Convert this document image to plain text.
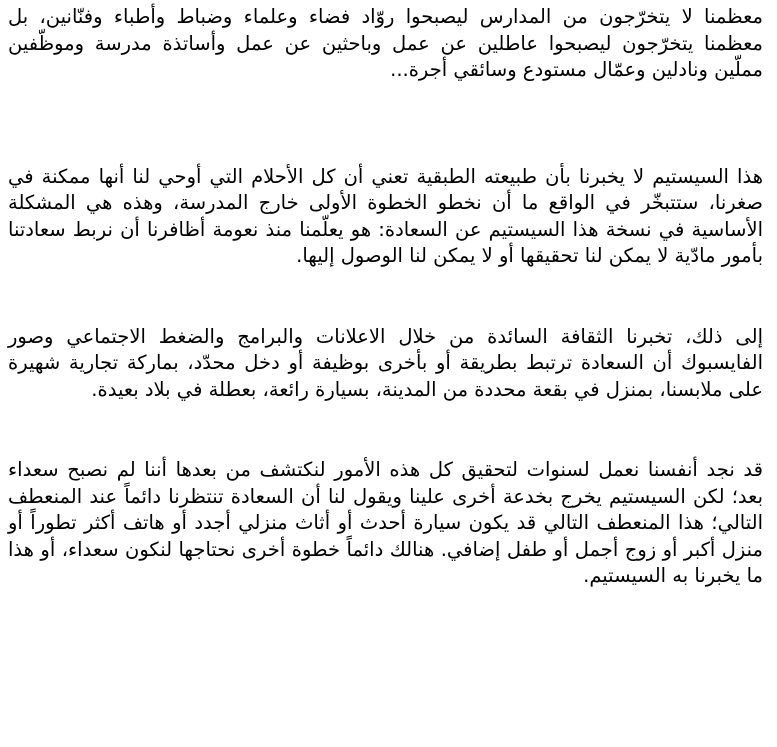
معظمنا لا يتخرّجون من المدارس ليصبحوا روّاد فضاء وعلماء وضباط وأطباء وفنّانين، بل معظمنا يتخرّجون ليصبحوا عاطلين عن عمل وباحثين عن عمل وأساتذة مدرسة وموظّفين مملّين ونادلين وعمّال مستودع وسائقي أجرة...

هذا السيستيم لا يخبرنا بأن طبيعته الطبقية تعني أن كل الأحلام التي أوحي لنا أنها ممكنة في صغرنا، ستتبخّر في الواقع ما أن نخطو الخطوة الأولى خارج المدرسة، وهذه هي المشكلة الأساسية في نسخة هذا السيستيم عن السعادة: هو يعلّمنا منذ نعومة أظافرنا أن نربط سعادتنا بأمور مادّية لا يمكن لنا تحقيقها أو لا يمكن لنا الوصول إليها.

إلى ذلك، تخبرنا الثقافة السائدة من خلال الاعلانات والبرامج والضغط الاجتماعي وصور الفايسبوك أن السعادة ترتبط بطريقة أو بأخرى بوظيفة أو دخل محدّد، بماركة تجارية شهيرة على ملابسنا، بمنزل في بقعة محددة من المدينة، بسيارة رائعة، بعطلة في بلاد بعيدة.

قد نجد أنفسنا نعمل لسنوات لتحقيق كل هذه الأمور لنكتشف من بعدها أننا لم نصبح سعداء بعد؛ لكن السيستيم يخرج بخدعة أخرى علينا ويقول لنا أن السعادة تنتظرنا دائماً عند المنعطف التالي؛ هذا المنعطف التالي قد يكون سيارة أحدث أو أثاث منزلي أجدد أو هاتف أكثر تطوراً أو منزل أكبر أو زوج أجمل أو طفل إضافي. هنالك دائماً خطوة أخرى نحتاجها لنكون سعداء، أو هذا ما يخبرنا به السيستيم.
